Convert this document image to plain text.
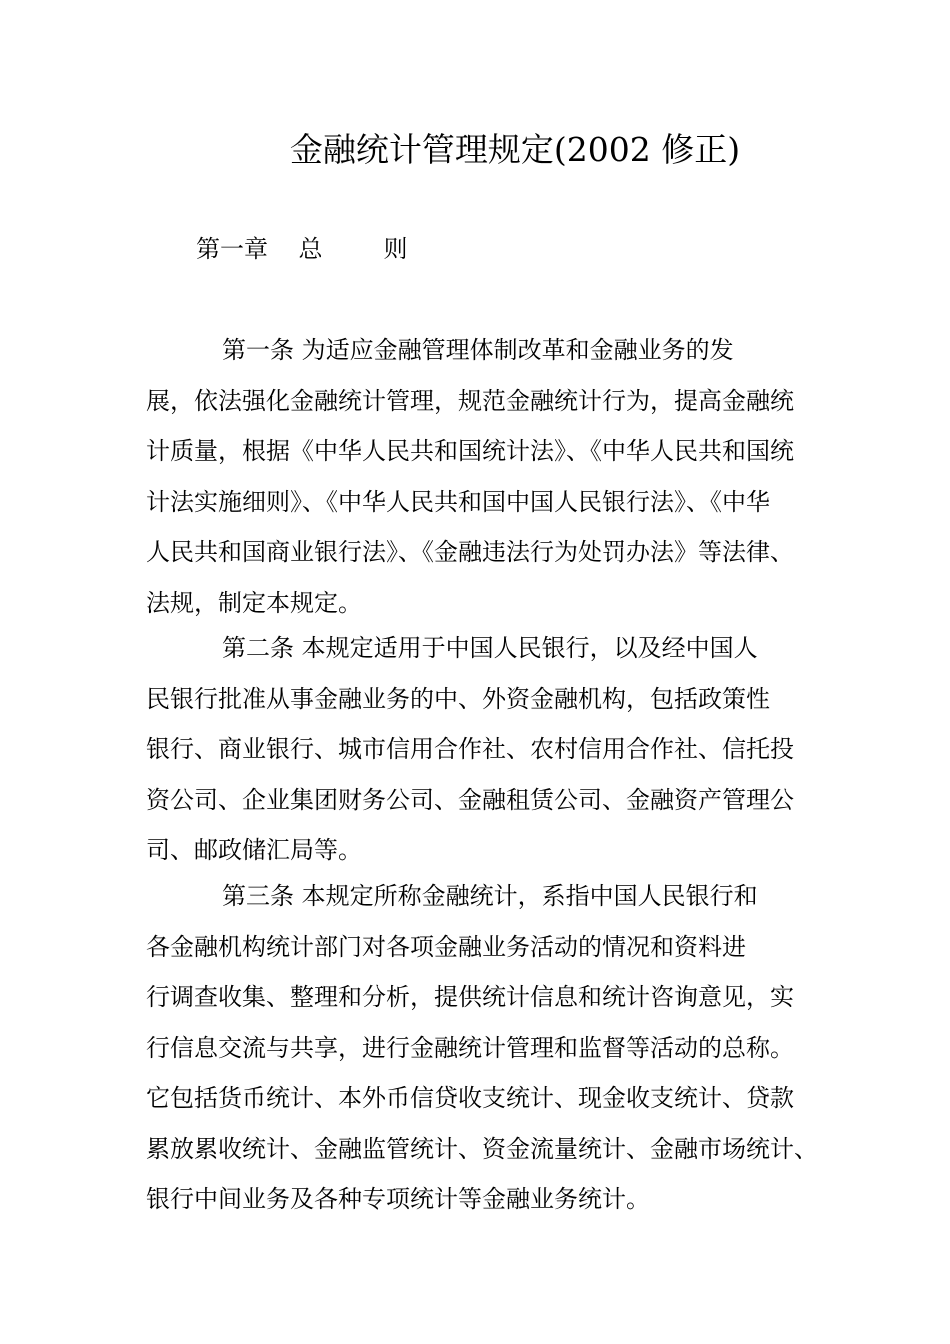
金融统计管理规定(2002 修正)
第一章    总        则

第一条 为适应金融管理体制改革和金融业务的发
展，依法强化金融统计管理，规范金融统计行为，提高金融统
计质量，根据《中华人民共和国统计法》、《中华人民共和国统
计法实施细则》、《中华人民共和国中国人民银行法》、《中华
人民共和国商业银行法》、《金融违法行为处罚办法》等法律、
法规，制定本规定。

第二条 本规定适用于中国人民银行，以及经中国人
民银行批准从事金融业务的中、外资金融机构，包括政策性
银行、商业银行、城市信用合作社、农村信用合作社、信托投
资公司、企业集团财务公司、金融租赁公司、金融资产管理公
司、邮政储汇局等。

第三条 本规定所称金融统计，系指中国人民银行和
各金融机构统计部门对各项金融业务活动的情况和资料进
行调查收集、整理和分析，提供统计信息和统计咨询意见，实
行信息交流与共享，进行金融统计管理和监督等活动的总称。
它包括货币统计、本外币信贷收支统计、现金收支统计、贷款
累放累收统计、金融监管统计、资金流量统计、金融市场统计、
银行中间业务及各种专项统计等金融业务统计。
